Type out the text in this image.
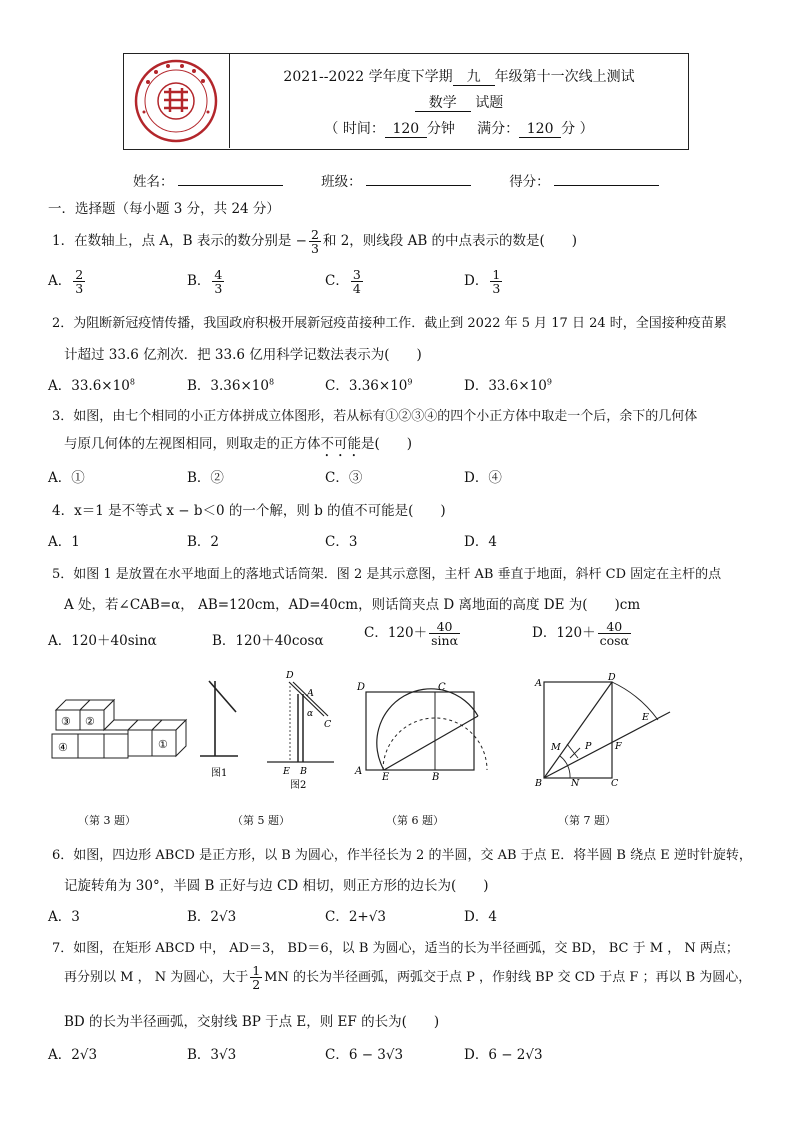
2021--2022 学年度下学期 九 年级第十一次线上测试
数学 试题
（ 时间： 120 分钟 满分： 120 分 ）
姓名：	班级：	得分：
一．选择题（每小题 3 分，共 24 分）
1．在数轴上，点 A，B 表示的数分别是 − $\frac{2}{3}$ 和 2，则线段 AB 的中点表示的数是(　　)
A． $\frac{2}{3}$	B． $\frac{4}{3}$	C． $\frac{3}{4}$	D． $\frac{1}{3}$
2．为阻断新冠疫情传播，我国政府积极开展新冠疫苗接种工作．截止到 2022 年 5 月 17 日 24 时，全国接种疫苗累
计超过 33.6 亿剂次．把 33.6 亿用科学记数法表示为(　　)
A．$33.6\times 10^8$	B．$3.36\times 10^8$	C．$3.36\times 10^9$	D．$33.6\times 10^9$
3．如图，由七个相同的小正方体拼成立体图形，若从标有①②③④的四个小正方体中取走一个后，余下的几何体
与原几何体的左视图相同，则取走的正方体不可能是(　　)
A．①	B．②	C．③	D．④
4．x＝1 是不等式 x − b＜0 的一个解，则 b 的值不可能是(　　)
A．1	B．2	C．3	D．4
5．如图 1 是放置在水平地面上的落地式话筒架．图 2 是其示意图，主杆 AB 垂直于地面，斜杆 CD 固定在主杆的点
A 处，若∠CAB=α， AB=120cm，AD=40cm，则话筒夹点 D 离地面的高度 DE 为(　　)cm
A．120＋40sinα	B．120＋40cosα	C．$120+ \frac{40}{\sin\alpha}$	D．$120+ \frac{40}{\cos\alpha}$
③ ②
④	①
图1
D
A
α
C
E B
图2
D	C
A
E	B
A
D
E
M	P F
B	N	C
（第 3 题）	（第 5 题）	（第 6 题）	（第 7 题）
6．如图，四边形 ABCD 是正方形，以 B 为圆心，作半径长为 2 的半圆，交 AB 于点 E．将半圆 B 绕点 E 逆时针旋转，
记旋转角为 30°，半圆 B 正好与边 CD 相切，则正方形的边长为(　　)
A．3	B．2√3	C．2+√3	D．4
7．如图，在矩形 ABCD 中， AD＝3， BD＝6，以 B 为圆心，适当的长为半径画弧，交 BD， BC 于 M ， N 两点；
再分别以 M ， N 为圆心，大于 $\frac{1}{2}$ MN 的长为半径画弧，两弧交于点 P ，作射线 BP 交 CD 于点 F ；再以 B 为圆心，
BD 的长为半径画弧，交射线 BP 于点 E，则 EF 的长为(　　)
A．2√3	B．3√3	C．6 − 3√3	D．6 − 2√3
